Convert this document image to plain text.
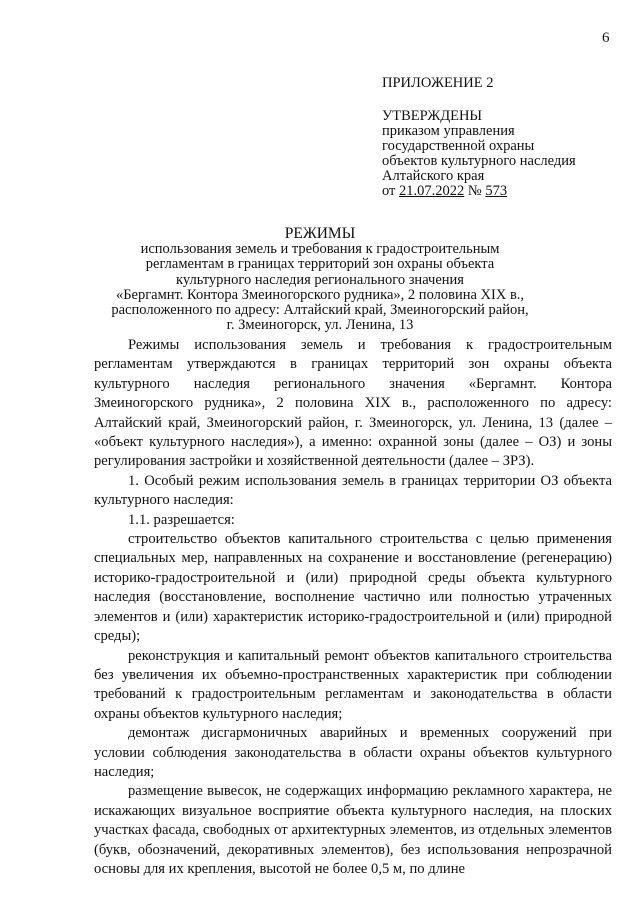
6
ПРИЛОЖЕНИЕ 2
УТВЕРЖДЕНЫ
приказом управления
государственной охраны
объектов культурного наследия
Алтайского края
от 21.07.2022 № 573
РЕЖИМЫ
использования земель и требования к градостроительным
регламентам в границах территорий зон охраны объекта
культурного наследия регионального значения
«Бергамнт. Контора Змеиногорского рудника», 2 половина XIX в.,
расположенного по адресу: Алтайский край, Змеиногорский район,
г. Змеиногорск, ул. Ленина, 13

Режимы использования земель и требования к градостроительным регламентам утверждаются в границах территорий зон охраны объекта культурного наследия регионального значения «Бергамнт. Контора Змеиногорского рудника», 2 половина XIX в., расположенного по адресу: Алтайский край, Змеиногорский район, г. Змеиногорск, ул. Ленина, 13 (далее – «объект культурного наследия»), а именно: охранной зоны (далее – ОЗ) и зоны регулирования застройки и хозяйственной деятельности (далее – ЗРЗ).

1. Особый режим использования земель в границах территории ОЗ объекта культурного наследия:

1.1. разрешается:

строительство объектов капитального строительства с целью применения специальных мер, направленных на сохранение и восстановление (регенерацию) историко-градостроительной и (или) природной среды объекта культурного наследия (восстановление, восполнение частично или полностью утраченных элементов и (или) характеристик историко-градостроительной и (или) природной среды);

реконструкция и капитальный ремонт объектов капитального строительства без увеличения их объемно-пространственных характеристик при соблюдении требований к градостроительным регламентам и законодательства в области охраны объектов культурного наследия;

демонтаж дисгармоничных аварийных и временных сооружений при условии соблюдения законодательства в области охраны объектов культурного наследия;

размещение вывесок, не содержащих информацию рекламного характера, не искажающих визуальное восприятие объекта культурного наследия, на плоских участках фасада, свободных от архитектурных элементов, из отдельных элементов (букв, обозначений, декоративных элементов), без использования непрозрачной основы для их крепления, высотой не более 0,5 м, по длине
